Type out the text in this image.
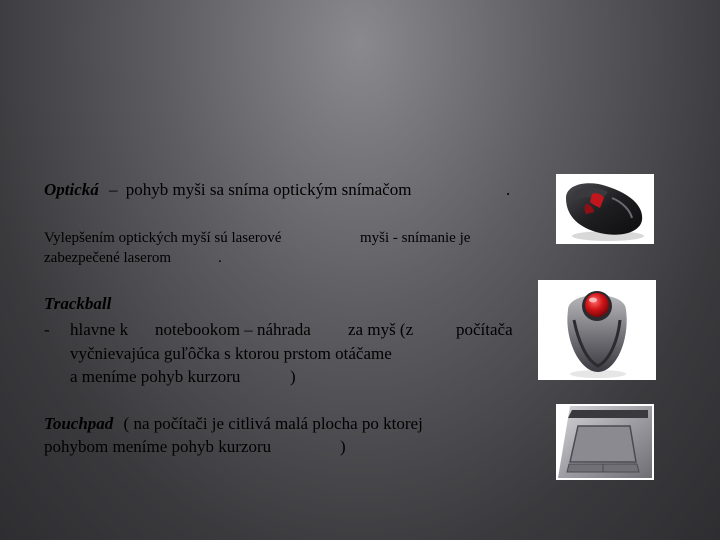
Optická – pohyb myši sa sníma optickým snímačom	.
Vylepšením optických myší sú laserové	myši - snímanie je
zabezpečené laserom	.
Trackball
- hlavne k notebookom – náhrada za myš (z	počítača
vyčnievajúca guľôčka s ktorou prstom otáčame
a meníme pohyb kurzoru	)
Touchpad ( na počítači je citlivá malá plocha po ktorej
pohybom meníme pohyb kurzoru	)
